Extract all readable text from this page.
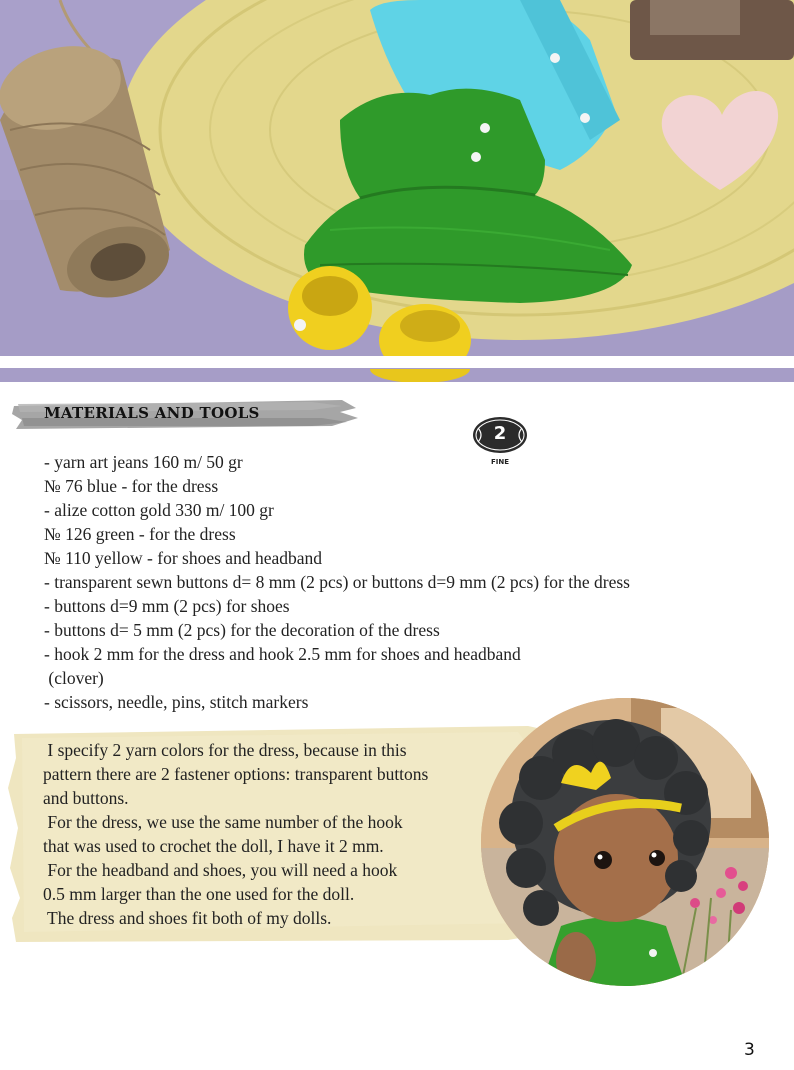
MATERIALS AND TOOLS
2
FINE
- yarn art jeans 160 m/ 50 gr
№ 76 blue - for the dress
- alize cotton gold 330 m/ 100 gr
№ 126 green - for the dress
№ 110 yellow - for shoes and headband
- transparent sewn buttons d= 8 mm (2 pcs) or buttons d=9 mm (2 pcs) for the dress
- buttons d=9 mm (2 pcs) for shoes
- buttons d= 5 mm (2 pcs) for the decoration of the dress
- hook 2 mm for the dress and hook 2.5 mm for shoes and headband
(clover)
- scissors, needle, pins, stitch markers

I specify 2 yarn colors for the dress, because in this

pattern there are 2 fastener options: transparent buttons

and buttons.

For the dress, we use the same number of the hook

that was used to crochet the doll, I have it 2 mm.

For the headband and shoes, you will need a hook

0.5 mm larger than the one used for the doll.

The dress and shoes fit both of my dolls.

3
